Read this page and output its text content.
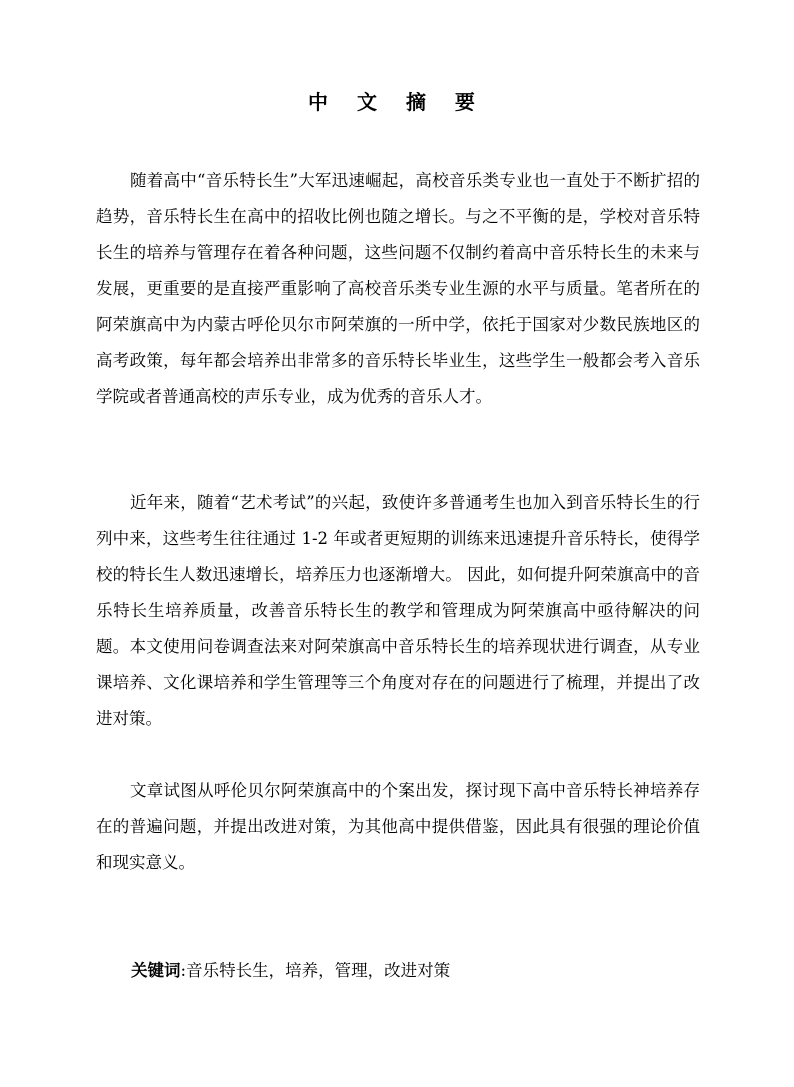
中 文 摘 要

随着高中“音乐特长生”大军迅速崛起，高校音乐类专业也一直处于不断扩招的趋势，音乐特长生在高中的招收比例也随之增长。与之不平衡的是，学校对音乐特长生的培养与管理存在着各种问题，这些问题不仅制约着高中音乐特长生的未来与发展，更重要的是直接严重影响了高校音乐类专业生源的水平与质量。笔者所在的阿荣旗高中为内蒙古呼伦贝尔市阿荣旗的一所中学，依托于国家对少数民族地区的高考政策，每年都会培养出非常多的音乐特长毕业生，这些学生一般都会考入音乐学院或者普通高校的声乐专业，成为优秀的音乐人才。

近年来，随着“艺术考试”的兴起，致使许多普通考生也加入到音乐特长生的行列中来，这些考生往往通过 1-2 年或者更短期的训练来迅速提升音乐特长，使得学校的特长生人数迅速增长，培养压力也逐渐增大。 因此，如何提升阿荣旗高中的音乐特长生培养质量，改善音乐特长生的教学和管理成为阿荣旗高中亟待解决的问题。本文使用问卷调查法来对阿荣旗高中音乐特长生的培养现状进行调查，从专业课培养、文化课培养和学生管理等三个角度对存在的问题进行了梳理，并提出了改进对策。

文章试图从呼伦贝尔阿荣旗高中的个案出发，探讨现下高中音乐特长神培养存在的普遍问题，并提出改进对策，为其他高中提供借鉴，因此具有很强的理论价值和现实意义。

关键词:音乐特长生，培养，管理，改进对策
